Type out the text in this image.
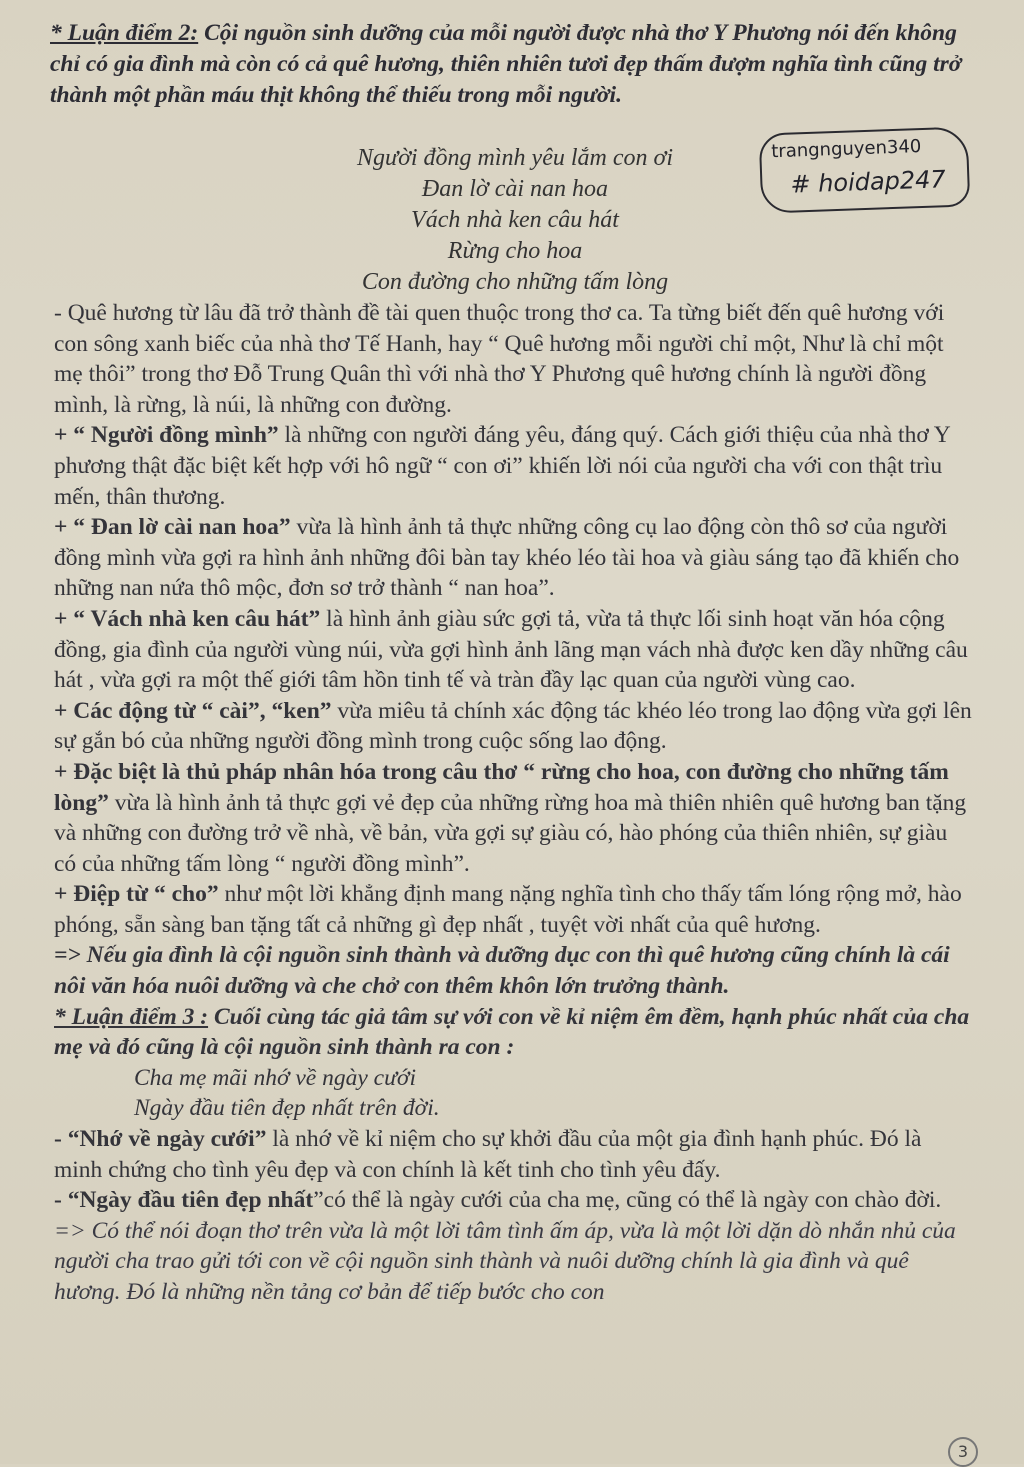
* Luận điểm 2: Cội nguồn sinh dưỡng của mỗi người được nhà thơ Y Phương nói đến không chỉ có gia đình mà còn có cả quê hương, thiên nhiên tươi đẹp thấm đượm nghĩa tình cũng trở thành một phần máu thịt không thể thiếu trong mỗi người.
Người đồng mình yêu lắm con ơi
Đan lờ cài nan hoa
Vách nhà ken câu hát
Rừng cho hoa
Con đường cho những tấm lòng
trangnguyen340
# hoidap247

- Quê hương từ lâu đã trở thành đề tài quen thuộc trong thơ ca. Ta từng biết đến quê hương với con sông xanh biếc của nhà thơ Tế Hanh, hay “ Quê hương mỗi người chỉ một, Như là chỉ một mẹ thôi” trong thơ Đỗ Trung Quân thì với nhà thơ Y Phương quê hương chính là người đồng mình, là rừng, là núi, là những con đường.

+ “ Người đồng mình” là những con người đáng yêu, đáng quý. Cách giới thiệu của nhà thơ Y phương thật đặc biệt kết hợp với hô ngữ “ con ơi” khiến lời nói của người cha với con thật trìu mến, thân thương.

+ “ Đan lờ cài nan hoa” vừa là hình ảnh tả thực những công cụ lao động còn thô sơ của người đồng mình vừa gợi ra hình ảnh những đôi bàn tay khéo léo tài hoa và giàu sáng tạo đã khiến cho những nan nứa thô mộc, đơn sơ trở thành “ nan hoa”.

+ “ Vách nhà ken câu hát” là hình ảnh giàu sức gợi tả, vừa tả thực lối sinh hoạt văn hóa cộng đồng, gia đình của người vùng núi, vừa gợi hình ảnh lãng mạn vách nhà được ken dầy những câu hát , vừa gợi ra một thế giới tâm hồn tinh tế và tràn đầy lạc quan của người vùng cao.

+ Các động từ “ cài”, “ken” vừa miêu tả chính xác động tác khéo léo trong lao động vừa gợi lên sự gắn bó của những người đồng mình trong cuộc sống lao động.

+ Đặc biệt là thủ pháp nhân hóa trong câu thơ “ rừng cho hoa, con đường cho những tấm lòng” vừa là hình ảnh tả thực gợi vẻ đẹp của những rừng hoa mà thiên nhiên quê hương ban tặng và những con đường trở về nhà, về bản, vừa gợi sự giàu có, hào phóng của thiên nhiên, sự giàu có của những tấm lòng “ người đồng mình”.

+ Điệp từ “ cho” như một lời khẳng định mang nặng nghĩa tình cho thấy tấm lóng rộng mở, hào phóng, sẵn sàng ban tặng tất cả những gì đẹp nhất , tuyệt vời nhất của quê hương.

=> Nếu gia đình là cội nguồn sinh thành và dưỡng dục con thì quê hương cũng chính là cái nôi văn hóa nuôi dưỡng và che chở con thêm khôn lớn trưởng thành.

* Luận điểm 3 : Cuối cùng tác giả tâm sự với con về kỉ niệm êm đềm, hạnh phúc nhất của cha mẹ và đó cũng là cội nguồn sinh thành ra con :

Cha mẹ mãi nhớ về ngày cưới

Ngày đầu tiên đẹp nhất trên đời.

- “Nhớ về ngày cưới” là nhớ về kỉ niệm cho sự khởi đầu của một gia đình hạnh phúc. Đó là minh chứng cho tình yêu đẹp và con chính là kết tinh cho tình yêu đấy.

- “Ngày đầu tiên đẹp nhất”có thể là ngày cưới của cha mẹ, cũng có thể là ngày con chào đời.

=> Có thể nói đoạn thơ trên vừa là một lời tâm tình ấm áp, vừa là một lời dặn dò nhắn nhủ của người cha trao gửi tới con về cội nguồn sinh thành và nuôi dưỡng chính là gia đình và quê hương. Đó là những nền tảng cơ bản để tiếp bước cho con

3
